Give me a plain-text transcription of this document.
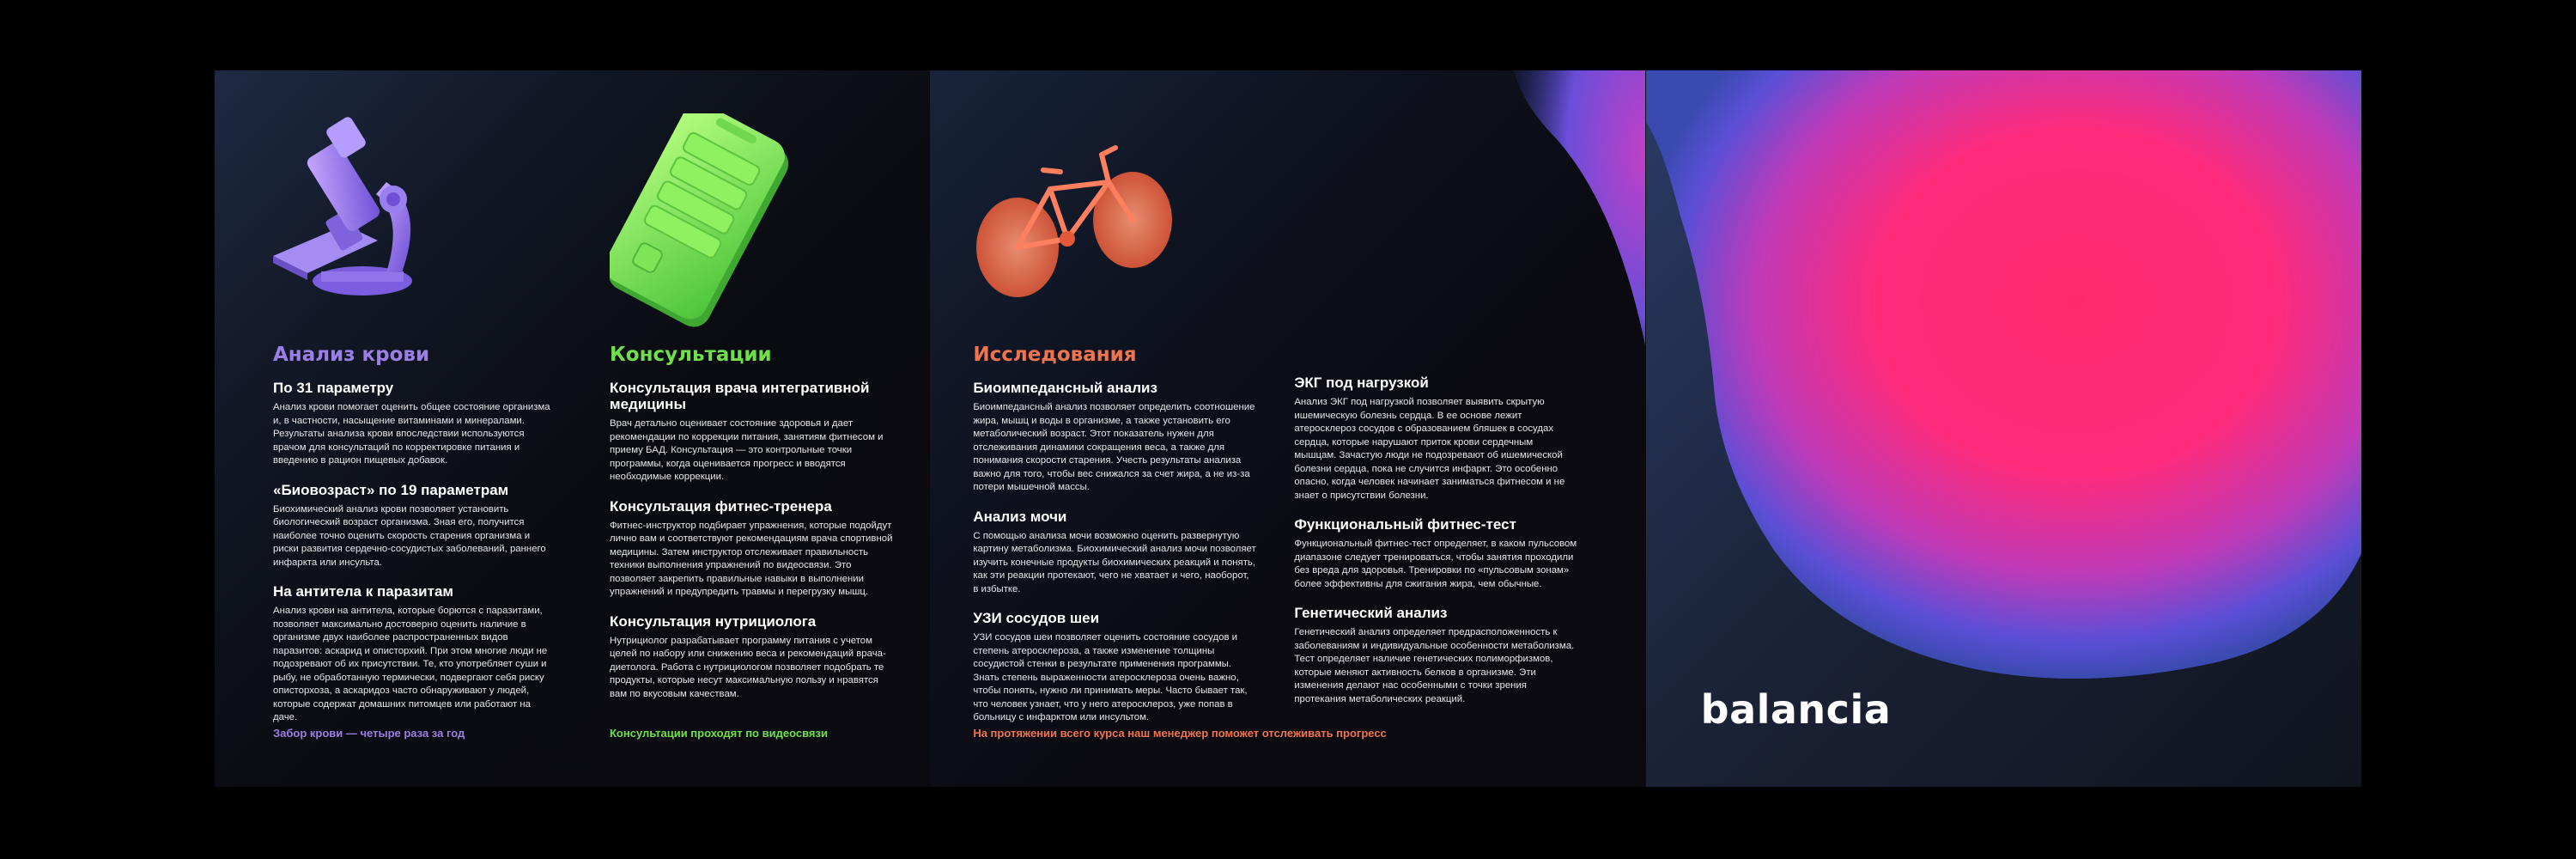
Анализ крови
По 31 параметру
Анализ крови помогает оценить общее состояние организма и, в частности, насыщение витаминами и минералами. Результаты анализа крови впоследствии используются врачом для консультаций по корректировке питания и введению в рацион пищевых добавок.
«Биовозраст» по 19 параметрам
Биохимический анализ крови позволяет установить биологический возраст организма. Зная его, получится наиболее точно оценить скорость старения организма и риски развития сердечно-сосудистых заболеваний, раннего инфаркта или инсульта.
На антитела к паразитам
Анализ крови на антитела, которые борются с паразитами, позволяет максимально достоверно оценить наличие в организме двух наиболее распространенных видов паразитов: аскарид и описторхий. При этом многие люди не подозревают об их присутствии. Те, кто употребляет суши и рыбу, не обработанную термически, подвергают себя риску описторхоза, а аскаридоз часто обнаруживают у людей, которые содержат домашних питомцев или работают на даче.
Забор крови — четыре раза за год
Консультации
Консультация врача интегративной медицины
Врач детально оценивает состояние здоровья и дает рекомендации по коррекции питания, занятиям фитнесом и приему БАД. Консультация — это контрольные точки программы, когда оценивается прогресс и вводятся необходимые коррекции.
Консультация фитнес-тренера
Фитнес-инструктор подбирает упражнения, которые подойдут лично вам и соответствуют рекомендациям врача спортивной медицины. Затем инструктор отслеживает правильность техники выполнения упражнений по видеосвязи. Это позволяет закрепить правильные навыки в выполнении упражнений и предупредить травмы и перегрузку мышц.
Консультация нутрициолога
Нутрициолог разрабатывает программу питания с учетом целей по набору или снижению веса и рекомендаций врача-диетолога. Работа с нутрициологом позволяет подобрать те продукты, которые несут максимальную пользу и нравятся вам по вкусовым качествам.
Консультации проходят по видеосвязи
Исследования
Биоимпедансный анализ
Биоимпедансный анализ позволяет определить соотношение жира, мышц и воды в организме, а также установить его метаболический возраст. Этот показатель нужен для отслеживания динамики сокращения веса, а также для понимания скорости старения. Учесть результаты анализа важно для того, чтобы вес снижался за счет жира, а не из-за потери мышечной массы.
Анализ мочи
С помощью анализа мочи возможно оценить развернутую картину метаболизма. Биохимический анализ мочи позволяет изучить конечные продукты биохимических реакций и понять, как эти реакции протекают, чего не хватает и чего, наоборот, в избытке.
УЗИ сосудов шеи
УЗИ сосудов шеи позволяет оценить состояние сосудов и степень атеросклероза, а также изменение толщины сосудистой стенки в результате применения программы. Знать степень выраженности атеросклероза очень важно, чтобы понять, нужно ли принимать меры. Часто бывает так, что человек узнает, что у него атеросклероз, уже попав в больницу с инфарктом или инсультом.
На протяжении всего курса наш менеджер поможет отслеживать прогресс
ЭКГ под нагрузкой
Анализ ЭКГ под нагрузкой позволяет выявить скрытую ишемическую болезнь сердца. В ее основе лежит атеросклероз сосудов с образованием бляшек в сосудах сердца, которые нарушают приток крови сердечным мышцам. Зачастую люди не подозревают об ишемической болезни сердца, пока не случится инфаркт. Это особенно опасно, когда человек начинает заниматься фитнесом и не знает о присутствии болезни.
Функциональный фитнес-тест
Функциональный фитнес-тест определяет, в каком пульсовом диапазоне следует тренироваться, чтобы занятия проходили без вреда для здоровья. Тренировки по «пульсовым зонам» более эффективны для сжигания жира, чем обычные.
Генетический анализ
Генетический анализ определяет предрасположенность к заболеваниям и индивидуальные особенности метаболизма. Тест определяет наличие генетических полиморфизмов, которые меняют активность белков в организме. Эти изменения делают нас особенными с точки зрения протекания метаболических реакций.	balancia
